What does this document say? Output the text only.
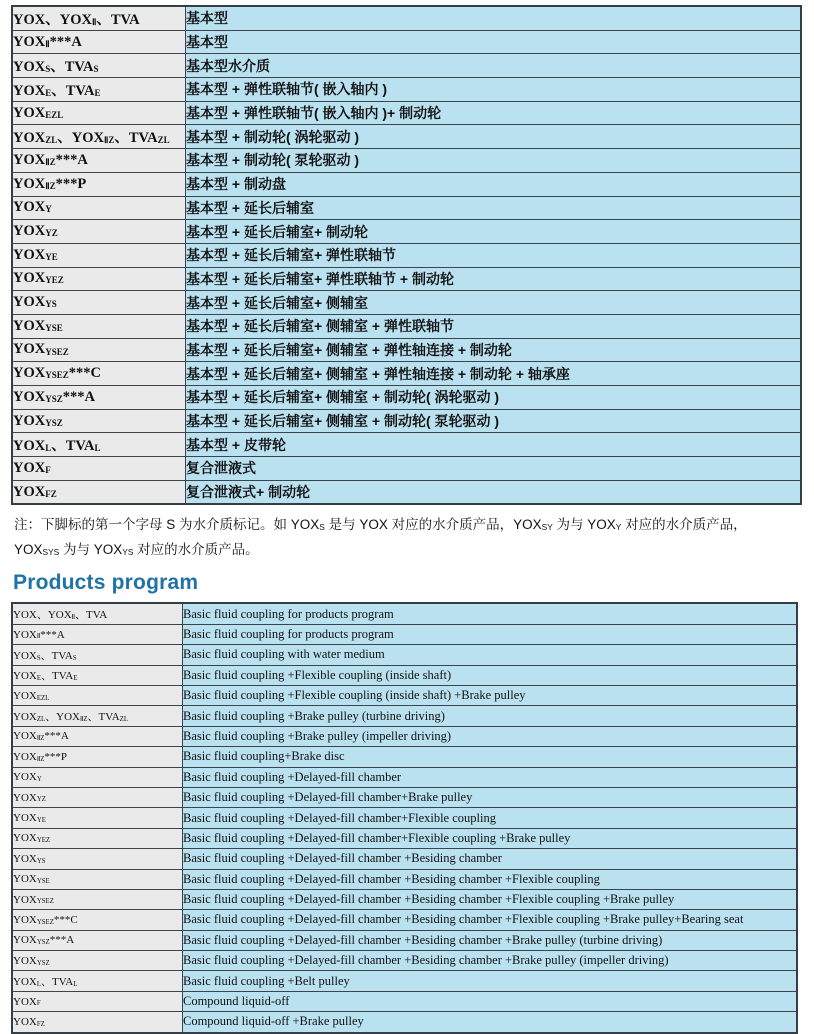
YOX、$YOX_Ⅱ$、TVA	基本型
$YOX_Ⅱ***A$	基本型
$YOX_S$、$TVA_S$	基本型水介质
$YOX_E$、$TVA_E$	基本型 + 弹性联轴节( 嵌入轴内 )
$YOX_{EZL}$	基本型 + 弹性联轴节( 嵌入轴内 )+ 制动轮
$YOX_{ZL}$、$YOX_{ⅡZ}$、$TVA_{ZL}$	基本型 + 制动轮( 涡轮驱动 )
$YOX_{ⅡZ}***A$	基本型 + 制动轮( 泵轮驱动 )
$YOX_{ⅡZ}***P$	基本型 + 制动盘
$YOX_Y$	基本型 + 延长后辅室
$YOX_{YZ}$	基本型 + 延长后辅室+ 制动轮
$YOX_{YE}$	基本型 + 延长后辅室+ 弹性联轴节
$YOX_{YEZ}$	基本型 + 延长后辅室+ 弹性联轴节 + 制动轮
$YOX_{YS}$	基本型 + 延长后辅室+ 侧辅室
$YOX_{YSE}$	基本型 + 延长后辅室+ 侧辅室 + 弹性联轴节
$YOX_{YSEZ}$	基本型 + 延长后辅室+ 侧辅室 + 弹性轴连接 + 制动轮
$YOX_{YSEZ}***C$	基本型 + 延长后辅室+ 侧辅室 + 弹性轴连接 + 制动轮 + 轴承座
$YOX_{YSZ}***A$	基本型 + 延长后辅室+ 侧辅室 + 制动轮( 涡轮驱动 )
$YOX_{YSZ}$	基本型 + 延长后辅室+ 侧辅室 + 制动轮( 泵轮驱动 )
$YOX_L$、$TVA_L$	基本型 + 皮带轮
$YOX_F$	复合泄液式
$YOX_{FZ}$	复合泄液式+ 制动轮

注：下脚标的第一个字母 S 为水介质标记。如 $YOX_S$ 是与 YOX 对应的水介质产品，$YOX_{SY}$ 为与 $YOX_Y$ 对应的水介质产品，
$YOX_{SYS}$ 为与 $YOX_{YS}$ 对应的水介质产品。

Products program
YOX、$YOX_Ⅱ$、TVA	Basic fluid coupling for products program
$YOX_Ⅱ***A$	Basic fluid coupling for products program
$YOX_S$、$TVA_S$	Basic fluid coupling with water medium
$YOX_E$、$TVA_E$	Basic fluid coupling +Flexible coupling (inside shaft)
$YOX_{EZL}$	Basic fluid coupling +Flexible coupling (inside shaft) +Brake pulley
$YOX_{ZL}$、$YOX_{ⅡZ}$、$TVA_{ZL}$	Basic fluid coupling +Brake pulley (turbine driving)
$YOX_{ⅡZ}***A$	Basic fluid coupling +Brake pulley (impeller driving)
$YOX_{ⅡZ}***P$	Basic fluid coupling+Brake disc
$YOX_Y$	Basic fluid coupling +Delayed-fill chamber
$YOX_{YZ}$	Basic fluid coupling +Delayed-fill chamber+Brake pulley
$YOX_{YE}$	Basic fluid coupling +Delayed-fill chamber+Flexible coupling
$YOX_{YEZ}$	Basic fluid coupling +Delayed-fill chamber+Flexible coupling +Brake pulley
$YOX_{YS}$	Basic fluid coupling +Delayed-fill chamber +Besiding chamber
$YOX_{YSE}$	Basic fluid coupling +Delayed-fill chamber +Besiding chamber +Flexible coupling
$YOX_{YSEZ}$	Basic fluid coupling +Delayed-fill chamber +Besiding chamber +Flexible coupling +Brake pulley
$YOX_{YSEZ}***C$	Basic fluid coupling +Delayed-fill chamber +Besiding chamber +Flexible coupling +Brake pulley+Bearing seat
$YOX_{YSZ}***A$	Basic fluid coupling +Delayed-fill chamber +Besiding chamber +Brake pulley (turbine driving)
$YOX_{YSZ}$	Basic fluid coupling +Delayed-fill chamber +Besiding chamber +Brake pulley (impeller driving)
$YOX_L$、$TVA_L$	Basic fluid coupling +Belt pulley
$YOX_F$	Compound liquid-off
$YOX_{FZ}$	Compound liquid-off +Brake pulley
